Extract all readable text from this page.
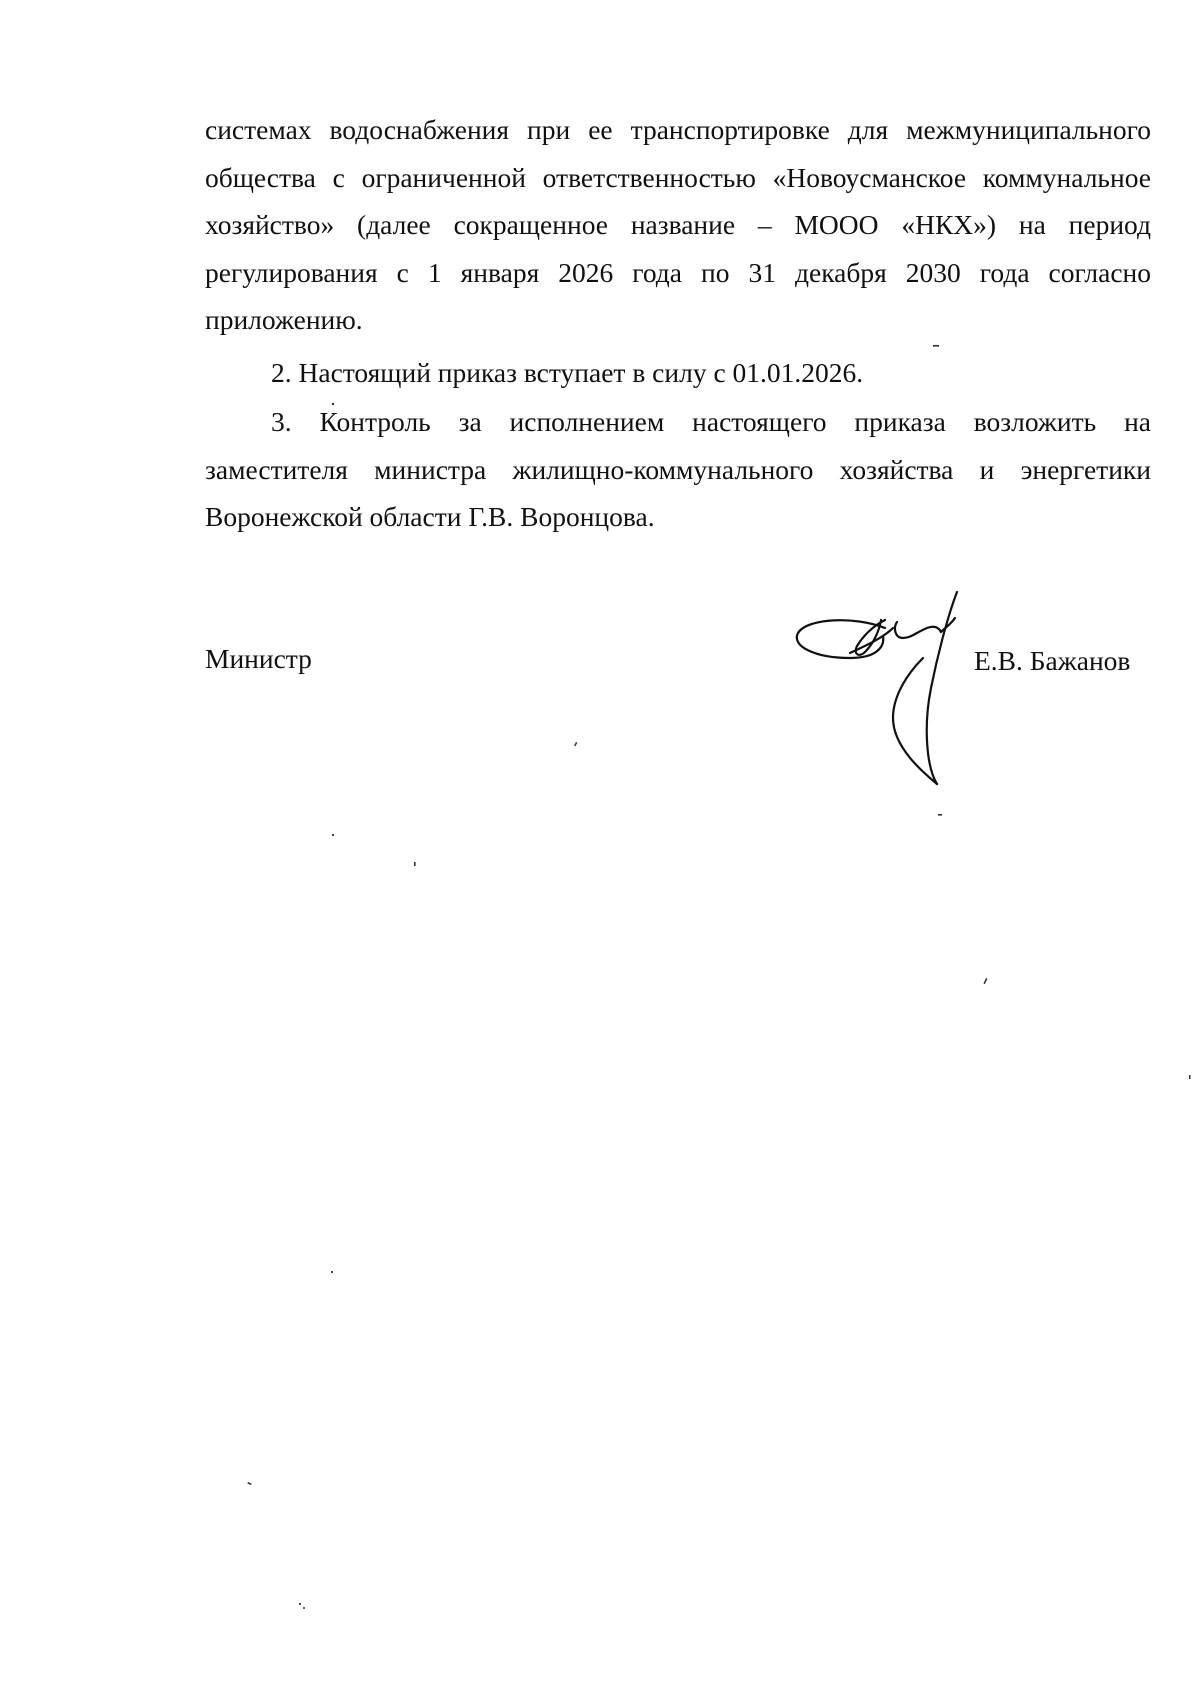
системах водоснабжения при ее транспортировке для межмуниципального общества с ограниченной ответственностью «Новоусманское коммунальное хозяйство» (далее сокращенное название – МООО «НКХ») на период регулирования с 1 января 2026 года по 31 декабря 2030 года согласно приложению.

2. Настоящий приказ вступает в силу с 01.01.2026.

3. Контроль за исполнением настоящего приказа возложить на заместителя министра жилищно-коммунального хозяйства и энергетики Воронежской области Г.В. Воронцова.

Министр	Е.В. Бажанов
